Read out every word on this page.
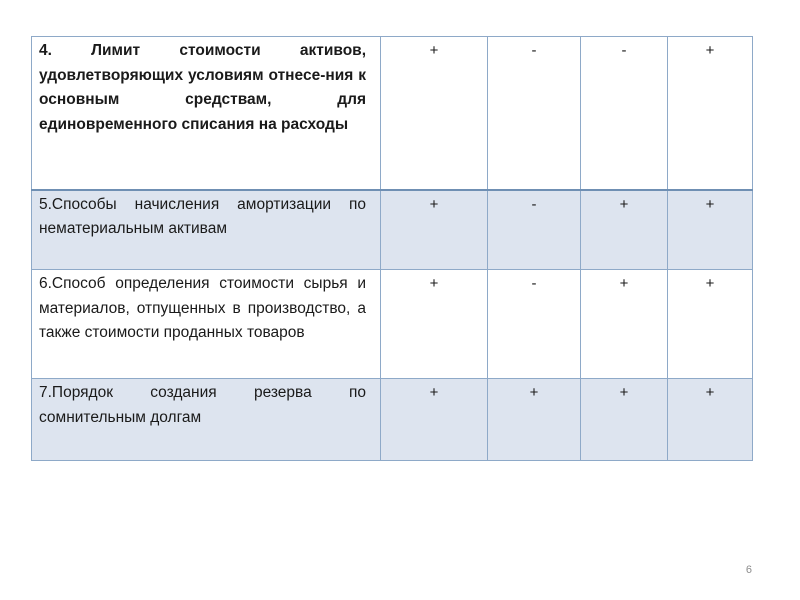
4. Лимит стоимости активов, удовлетворяющих условиям отнесе-ния к основным средствам, для единовременного списания на расходы	+	-	-	+
5.Способы начисления амортизации по нематериальным активам	+	-	+	+
6.Способ определения стоимости сырья и материалов, отпущенных в производство, а также стоимости проданных товаров	+	-	+	+
7.Порядок создания резерва по сомнительным долгам	+	+	+	+
6
